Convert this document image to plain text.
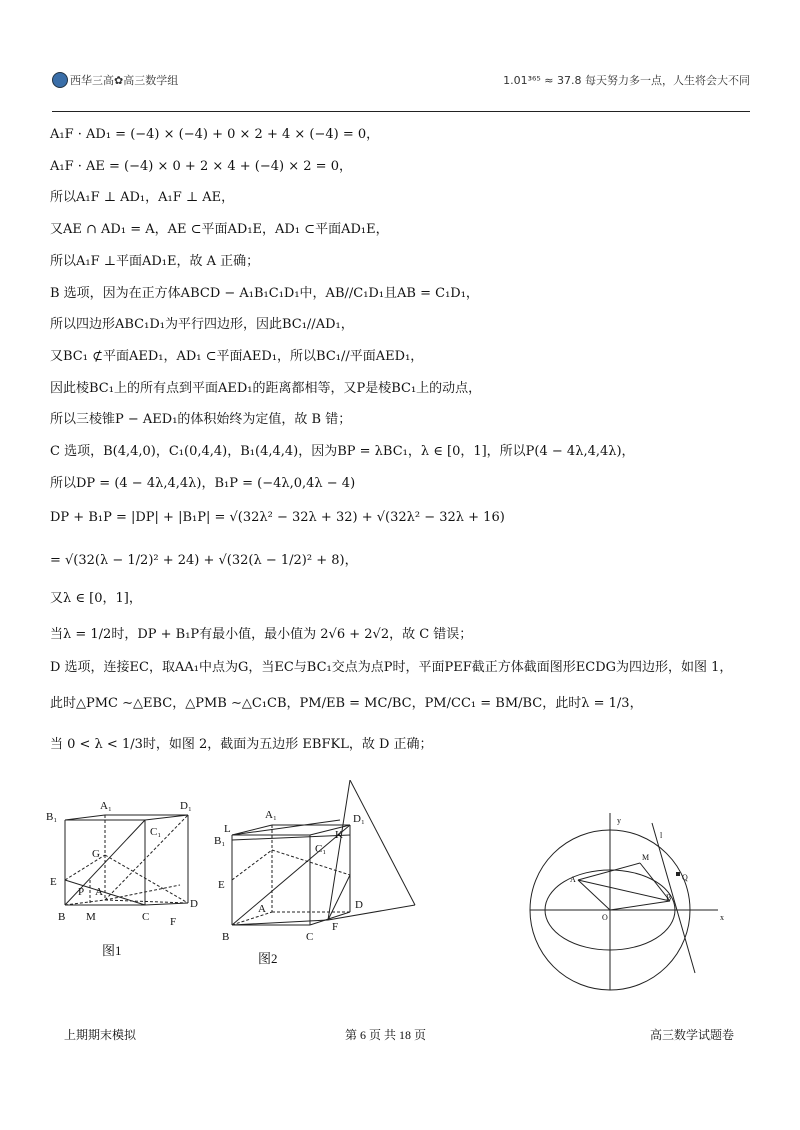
西华三高✿高三数学组	1.01³⁶⁵ ≈ 37.8 每天努力多一点，人生将会大不同
A₁F · AD₁ = (−4) × (−4) + 0 × 2 + 4 × (−4) = 0，
A₁F · AE = (−4) × 0 + 2 × 4 + (−4) × 2 = 0，
所以A₁F ⊥ AD₁，A₁F ⊥ AE，
又AE ∩ AD₁ = A，AE ⊂平面AD₁E，AD₁ ⊂平面AD₁E，
所以A₁F ⊥平面AD₁E，故 A 正确；
B 选项，因为在正方体ABCD − A₁B₁C₁D₁中，AB//C₁D₁且AB = C₁D₁，
所以四边形ABC₁D₁为平行四边形，因此BC₁//AD₁，
又BC₁ ⊄平面AED₁，AD₁ ⊂平面AED₁，所以BC₁//平面AED₁，
因此棱BC₁上的所有点到平面AED₁的距离都相等，又P是棱BC₁上的动点，
所以三棱锥P − AED₁的体积始终为定值，故 B 错；
C 选项，B(4,4,0)，C₁(0,4,4)，B₁(4,4,4)，因为BP = λBC₁，λ ∈ [0，1]，所以P(4 − 4λ,4,4λ)，
所以DP = (4 − 4λ,4,4λ)，B₁P = (−4λ,0,4λ − 4)
DP + B₁P = |DP| + |B₁P| = √(32λ² − 32λ + 32) + √(32λ² − 32λ + 16)
= √(32(λ − 1/2)² + 24) + √(32(λ − 1/2)² + 8)，
又λ ∈ [0，1]，
当λ = 1/2时，DP + B₁P有最小值，最小值为 2√6 + 2√2，故 C 错误；
D 选项，连接EC，取AA₁中点为G，当EC与BC₁交点为点P时，平面PEF截正方体截面图形ECDG为四边形，如图 1，
此时△PMC ∼△EBC，△PMB ∼△C₁CB，PM/EB = MC/BC，PM/CC₁ = BM/BC，此时λ = 1/3，
当 0 < λ < 1/3时，如图 2，截面为五边形 EBFKL，故 D 正确；
A₁	D₁
B₁
C₁
G
E
P A
D
F
B M	C
图1
A₁	D₁
B₁
L	K
C₁
E
A	D
F
B	C
图2
y
l
M
Q
A
B
O	x
上期期末模拟	第 6 页 共 18 页	高三数学试题卷
